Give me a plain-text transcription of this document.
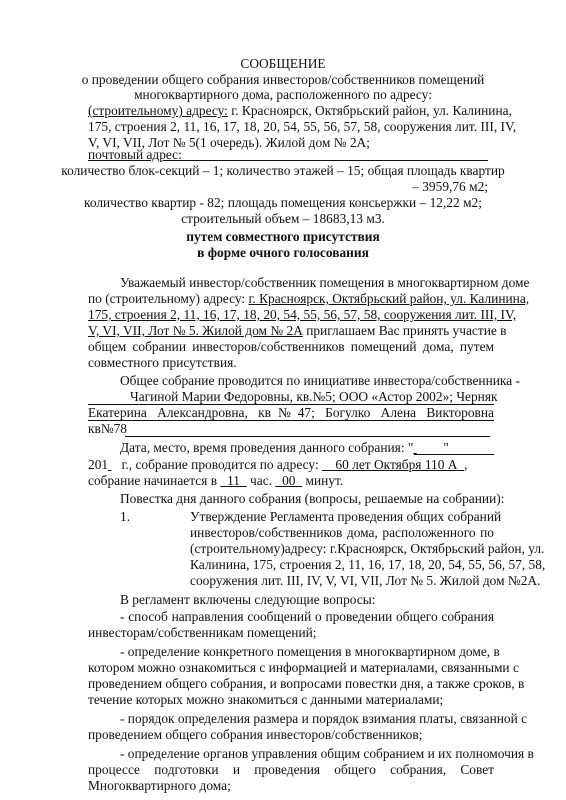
СООБЩЕНИЕ
о проведении общего собрания инвесторов/собственников помещений
многоквартирного дома, расположенного по адресу:
(строительному) адресу: г. Красноярск, Октябрьский район, ул. Калинина,
175, строения 2, 11, 16, 17, 18, 20, 54, 55, 56, 57, 58, сооружения лит. III, IV,
V, VI, VII, Лот № 5(1 очередь). Жилой дом № 2А;
почтовый адрес:
количество блок-секций – 1; количество этажей – 15; общая площадь квартир
– 3959,76 м2;
количество квартир - 82; площадь помещения консьержки – 12,22 м2;
строительный объем – 18683,13 м3.
путем совместного присутствия
в форме очного голосования
Уважаемый инвестор/собственник помещения в многоквартирном доме
по (строительному) адресу: г. Красноярск, Октябрьский район, ул. Калинина,
175, строения 2, 11, 16, 17, 18, 20, 54, 55, 56, 57, 58, сооружения лит. III, IV,
V, VI, VII, Лот № 5. Жилой дом № 2А приглашаем Вас принять участие в
общем собрании инвесторов/собственников помещений дома, путем
совместного присутствия.
Общее собрание проводится по инициативе инвестора/собственника -
Чагиной Марии Федоровны, кв.№5; ООО «Астор 2002»; Черняк
Екатерина Александровна, кв№47; Богулко Алена Викторовна
кв№78
Дата, место, время проведения данного собрания: " "
201  г., собрание проводится по адресу:     60 лет Октября 110 А ,
собрание начинается в   11   час.   00   минут.
Повестка дня данного собрания (вопросы, решаемые на собрании):
1.	Утверждение Регламента проведения общих собраний
инвесторов/собственников дома, расположенного по
(строительному)адресу: г.Красноярск, Октябрьский район, ул.
Калинина, 175, строения 2, 11, 16, 17, 18, 20, 54, 55, 56, 57, 58,
сооружения лит. III, IV, V, VI, VII, Лот № 5. Жилой дом №2А.
В регламент включены следующие вопросы:
- способ направления сообщений о проведении общего собрания
инвесторам/собственникам помещений;
- определение конкретного помещения в многоквартирном доме, в
котором можно ознакомиться с информацией и материалами, связанными с
проведением общего собрания, и вопросами повестки дня, а также сроков, в
течение которых можно знакомиться с данными материалами;
- порядок определения размера и порядок взимания платы, связанной с
проведением общего собрания инвесторов/собственников;
- определение органов управления общим собранием и их полномочия в
процессе подготовки и проведения общего собрания, Совет
Многоквартирного дома;
